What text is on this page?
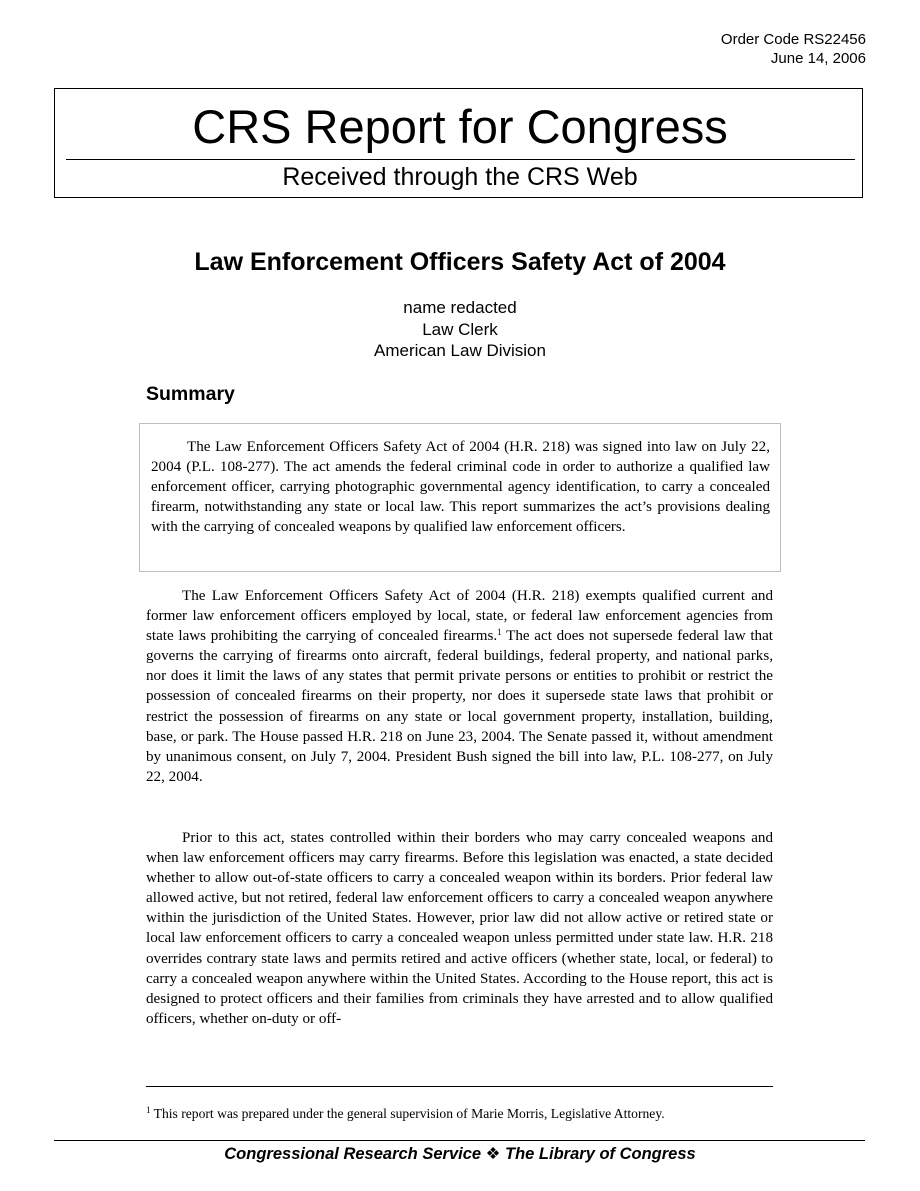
Order Code RS22456
June 14, 2006
CRS Report for Congress
Received through the CRS Web
Law Enforcement Officers Safety Act of 2004
name redacted
Law Clerk
American Law Division
Summary

The Law Enforcement Officers Safety Act of 2004 (H.R. 218) was signed into law on July 22, 2004 (P.L. 108-277). The act amends the federal criminal code in order to authorize a qualified law enforcement officer, carrying photographic governmental agency identification, to carry a concealed firearm, notwithstanding any state or local law. This report summarizes the act’s provisions dealing with the carrying of concealed weapons by qualified law enforcement officers.

The Law Enforcement Officers Safety Act of 2004 (H.R. 218) exempts qualified current and former law enforcement officers employed by local, state, or federal law enforcement agencies from state laws prohibiting the carrying of concealed firearms.$^1$ The act does not supersede federal law that governs the carrying of firearms onto aircraft, federal buildings, federal property, and national parks, nor does it limit the laws of any states that permit private persons or entities to prohibit or restrict the possession of concealed firearms on their property, nor does it supersede state laws that prohibit or restrict the possession of firearms on any state or local government property, installation, building, base, or park. The House passed H.R. 218 on June 23, 2004. The Senate passed it, without amendment by unanimous consent, on July 7, 2004. President Bush signed the bill into law, P.L. 108-277, on July 22, 2004.

Prior to this act, states controlled within their borders who may carry concealed weapons and when law enforcement officers may carry firearms. Before this legislation was enacted, a state decided whether to allow out-of-state officers to carry a concealed weapon within its borders. Prior federal law allowed active, but not retired, federal law enforcement officers to carry a concealed weapon anywhere within the jurisdiction of the United States. However, prior law did not allow active or retired state or local law enforcement officers to carry a concealed weapon unless permitted under state law. H.R. 218 overrides contrary state laws and permits retired and active officers (whether state, local, or federal) to carry a concealed weapon anywhere within the United States. According to the House report, this act is designed to protect officers and their families from criminals they have arrested and to allow qualified officers, whether on-duty or off-

$^1$ This report was prepared under the general supervision of Marie Morris, Legislative Attorney.
Congressional Research Service ❖ The Library of Congress
